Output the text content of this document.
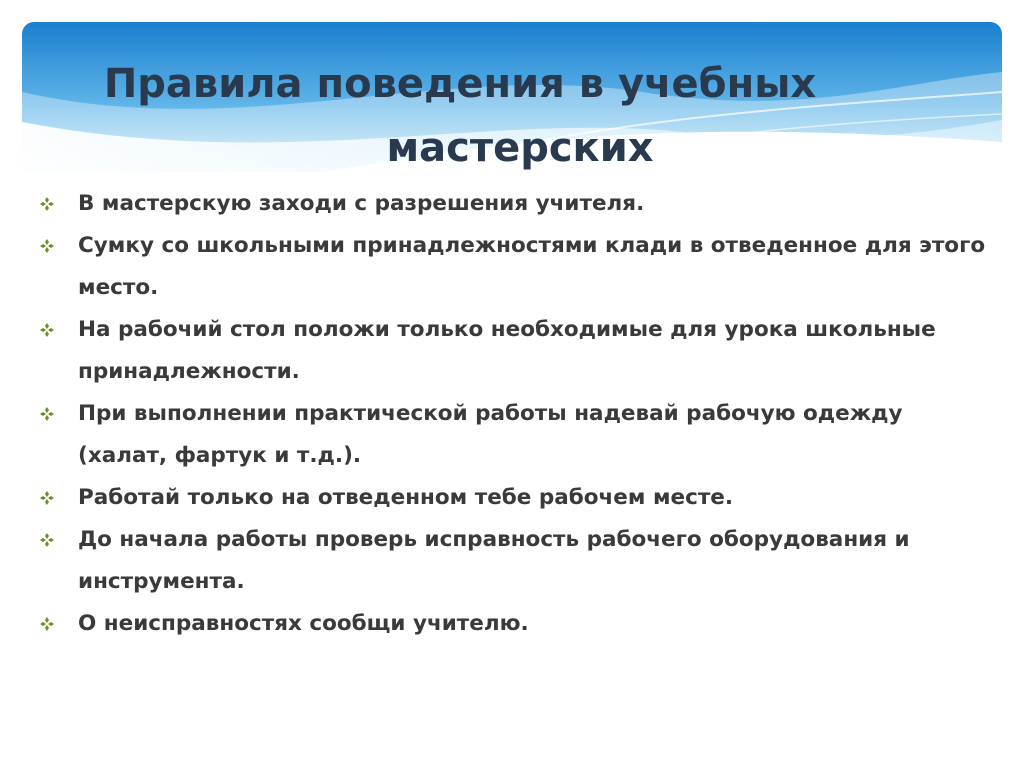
Правила поведения в учебных
мастерских
В мастерскую заходи с разрешения учителя.
Сумку со школьными принадлежностями клади в отведенное для этого место.
На рабочий стол положи только необходимые для урока школьные принадлежности.
При выполнении практической работы надевай рабочую одежду (халат, фартук и т.д.).
Работай только на отведенном тебе рабочем месте.
До начала работы проверь исправность рабочего оборудования и инструмента.
О неисправностях сообщи учителю.
